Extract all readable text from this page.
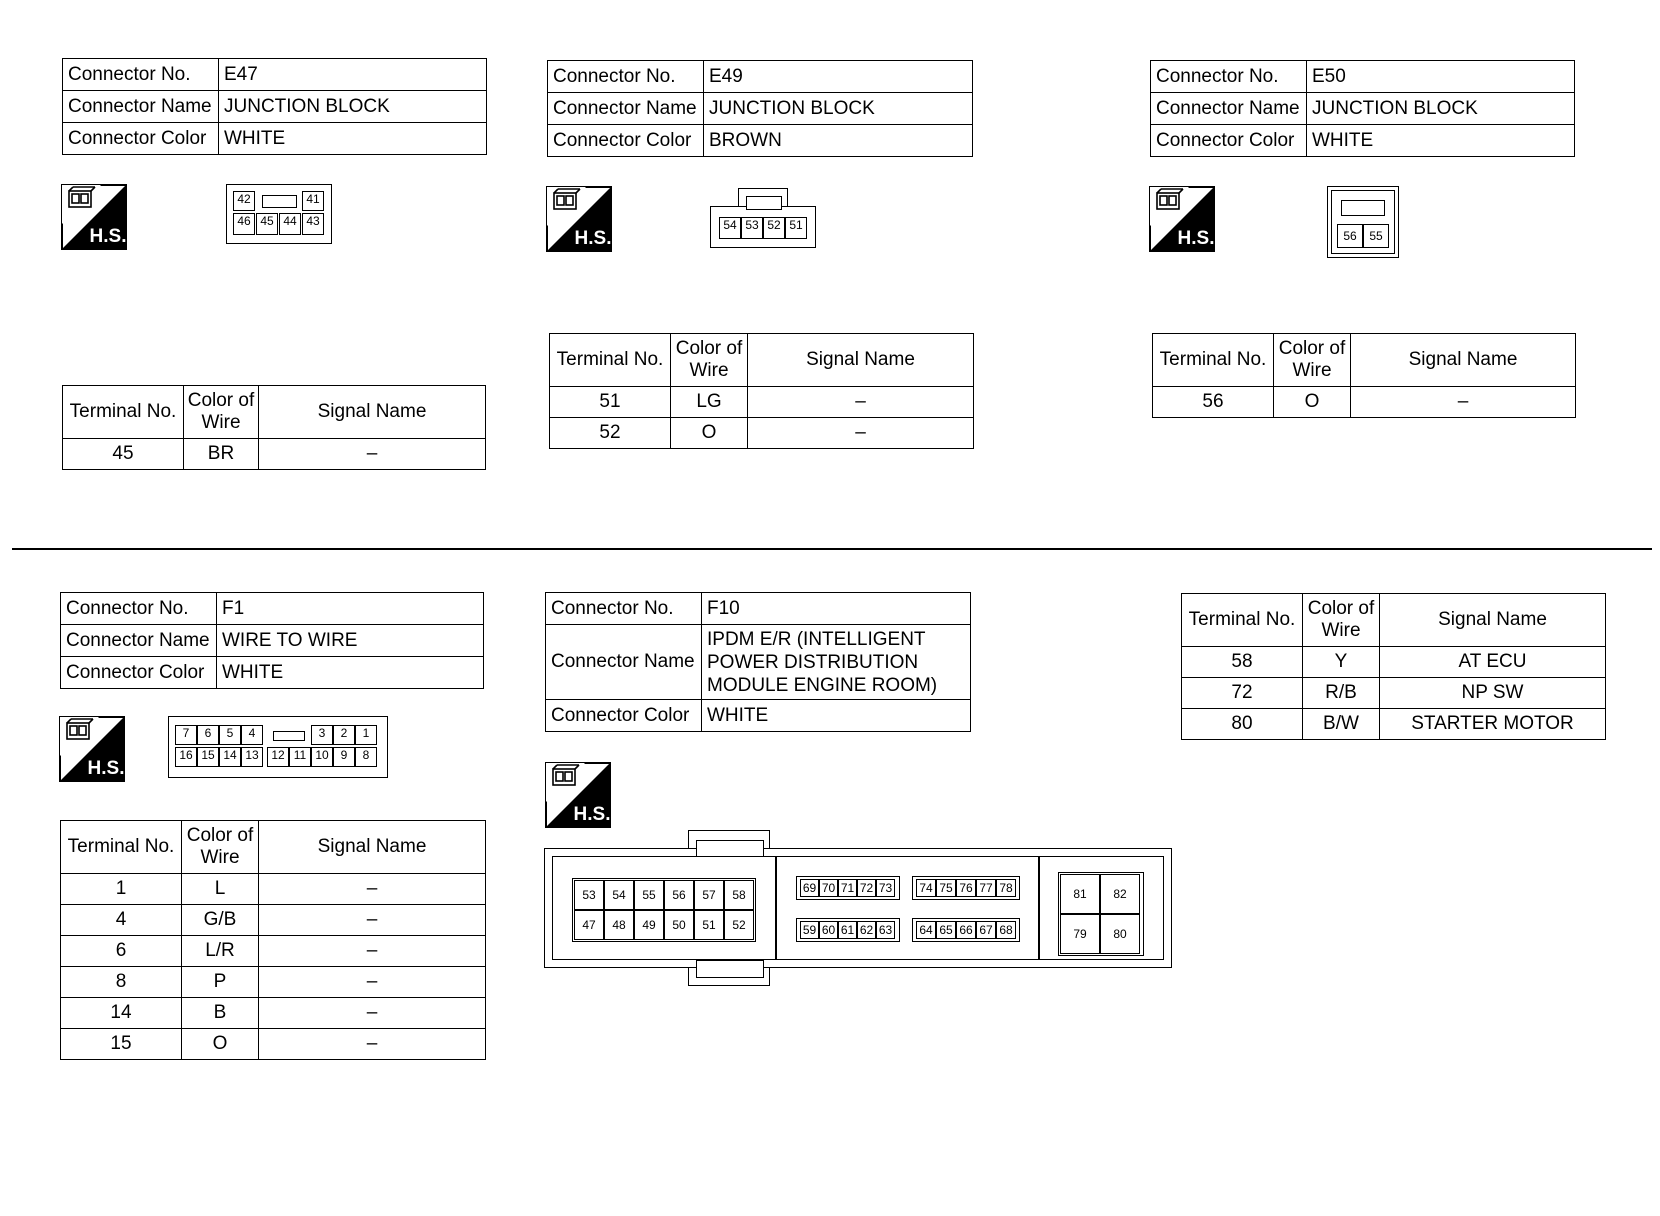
Connector No.	E47
Connector Name	JUNCTION BLOCK
Connector Color	WHITE
H.S.
42	41
46 45 44 43
Terminal No.	Color of Wire	Signal Name
45	BR	–
Connector No.	E49
Connector Name	JUNCTION BLOCK
Connector Color	BROWN
H.S.
54 53 52 51
Terminal No.	Color of Wire	Signal Name
51	LG	–
52	O	–
Connector No.	E50
Connector Name	JUNCTION BLOCK
Connector Color	WHITE
H.S.	56	55
Terminal No.	Color of Wire	Signal Name
56	O	–
Connector No.	F1
Connector Name	WIRE TO WIRE
Connector Color	WHITE
H.S.
7	6	5	4	3	2	1
16 15 14 13	12 11 10 9	8
Terminal No.	Color of Wire	Signal Name
1	L	–
4	G/B	–
6	L/R	–
8	P	–
14	B	–
15	O	–
Connector No.	F10
Connector Name	IPDM E/R (INTELLIGENT
POWER DISTRIBUTION
MODULE ENGINE ROOM)

Connector Color	WHITE
H.S.
53	54	55	56	57	58
47	48	49	50	51	52
69 70 71 72 73 74 75 76 77 78
59 60 61 62 63 64 65 66 67 68
81	82
79	80
Terminal No.	Color of Wire	Signal Name
58	Y	AT ECU
72	R/B	NP SW
80	B/W	STARTER MOTOR
